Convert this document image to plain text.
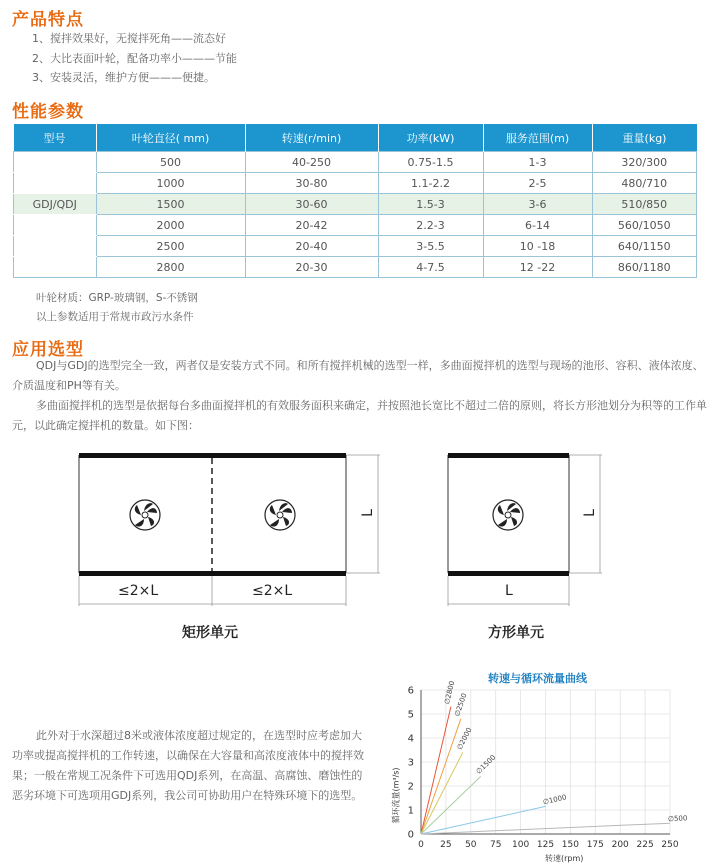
产品特点
1、搅拌效果好，无搅拌死角——流态好
2、大比表面叶轮，配备功率小———节能
3、安装灵活，维护方便———便捷。
性能参数
型号	叶轮直径( mm)	转速(r/min)	功率(kW)	服务范围(m)	重量(kg)
	500	40-250	0.75-1.5	1-3	320/300
	1000	30-80	1.1-2.2	2-5	480/710
GDJ/QDJ	1500	30-60	1.5-3	3-6	510/850
	2000	20-42	2.2-3	6-14	560/1050
	2500	20-40	3-5.5	10 -18	640/1150
	2800	20-30	4-7.5	12 -22	860/1180
叶轮材质：GRP-玻璃钢，S-不锈钢
以上参数适用于常规市政污水条件
应用选型
QDJ与GDJ的选型完全一致，两者仅是安装方式不同。和所有搅拌机械的选型一样，多曲面搅拌机的选型与现场的池形、容积、液体浓度、
介质温度和PH等有关。
多曲面搅拌机的选型是依据每台多曲面搅拌机的有效服务面积来确定，并按照池长宽比不超过二倍的原则，将长方形池划分为积等的工作单
元，以此确定搅拌机的数量。如下图：
≤2×L	≤2×L
L	L
L
矩形单元	方形单元
此外对于水深超过8米或液体浓度超过规定的，在选型时应考虑加大
功率或提高搅拌机的工作转速，以确保在大容量和高浓度液体中的搅拌效
果；一般在常规工况条件下可选用QDJ系列，在高温、高腐蚀、磨蚀性的
恶劣环境下可选项用GDJ系列，我公司可协助用户在特殊环境下的选型。
转速与循环流量曲线
0 25 50 75 100 125 150 175 200 225 250
0
1
2
3
4
5
6	∅2800
∅2500
∅2000
∅1500
∅1000
∅500
转速(rpm)
循环流量(m³/s)
